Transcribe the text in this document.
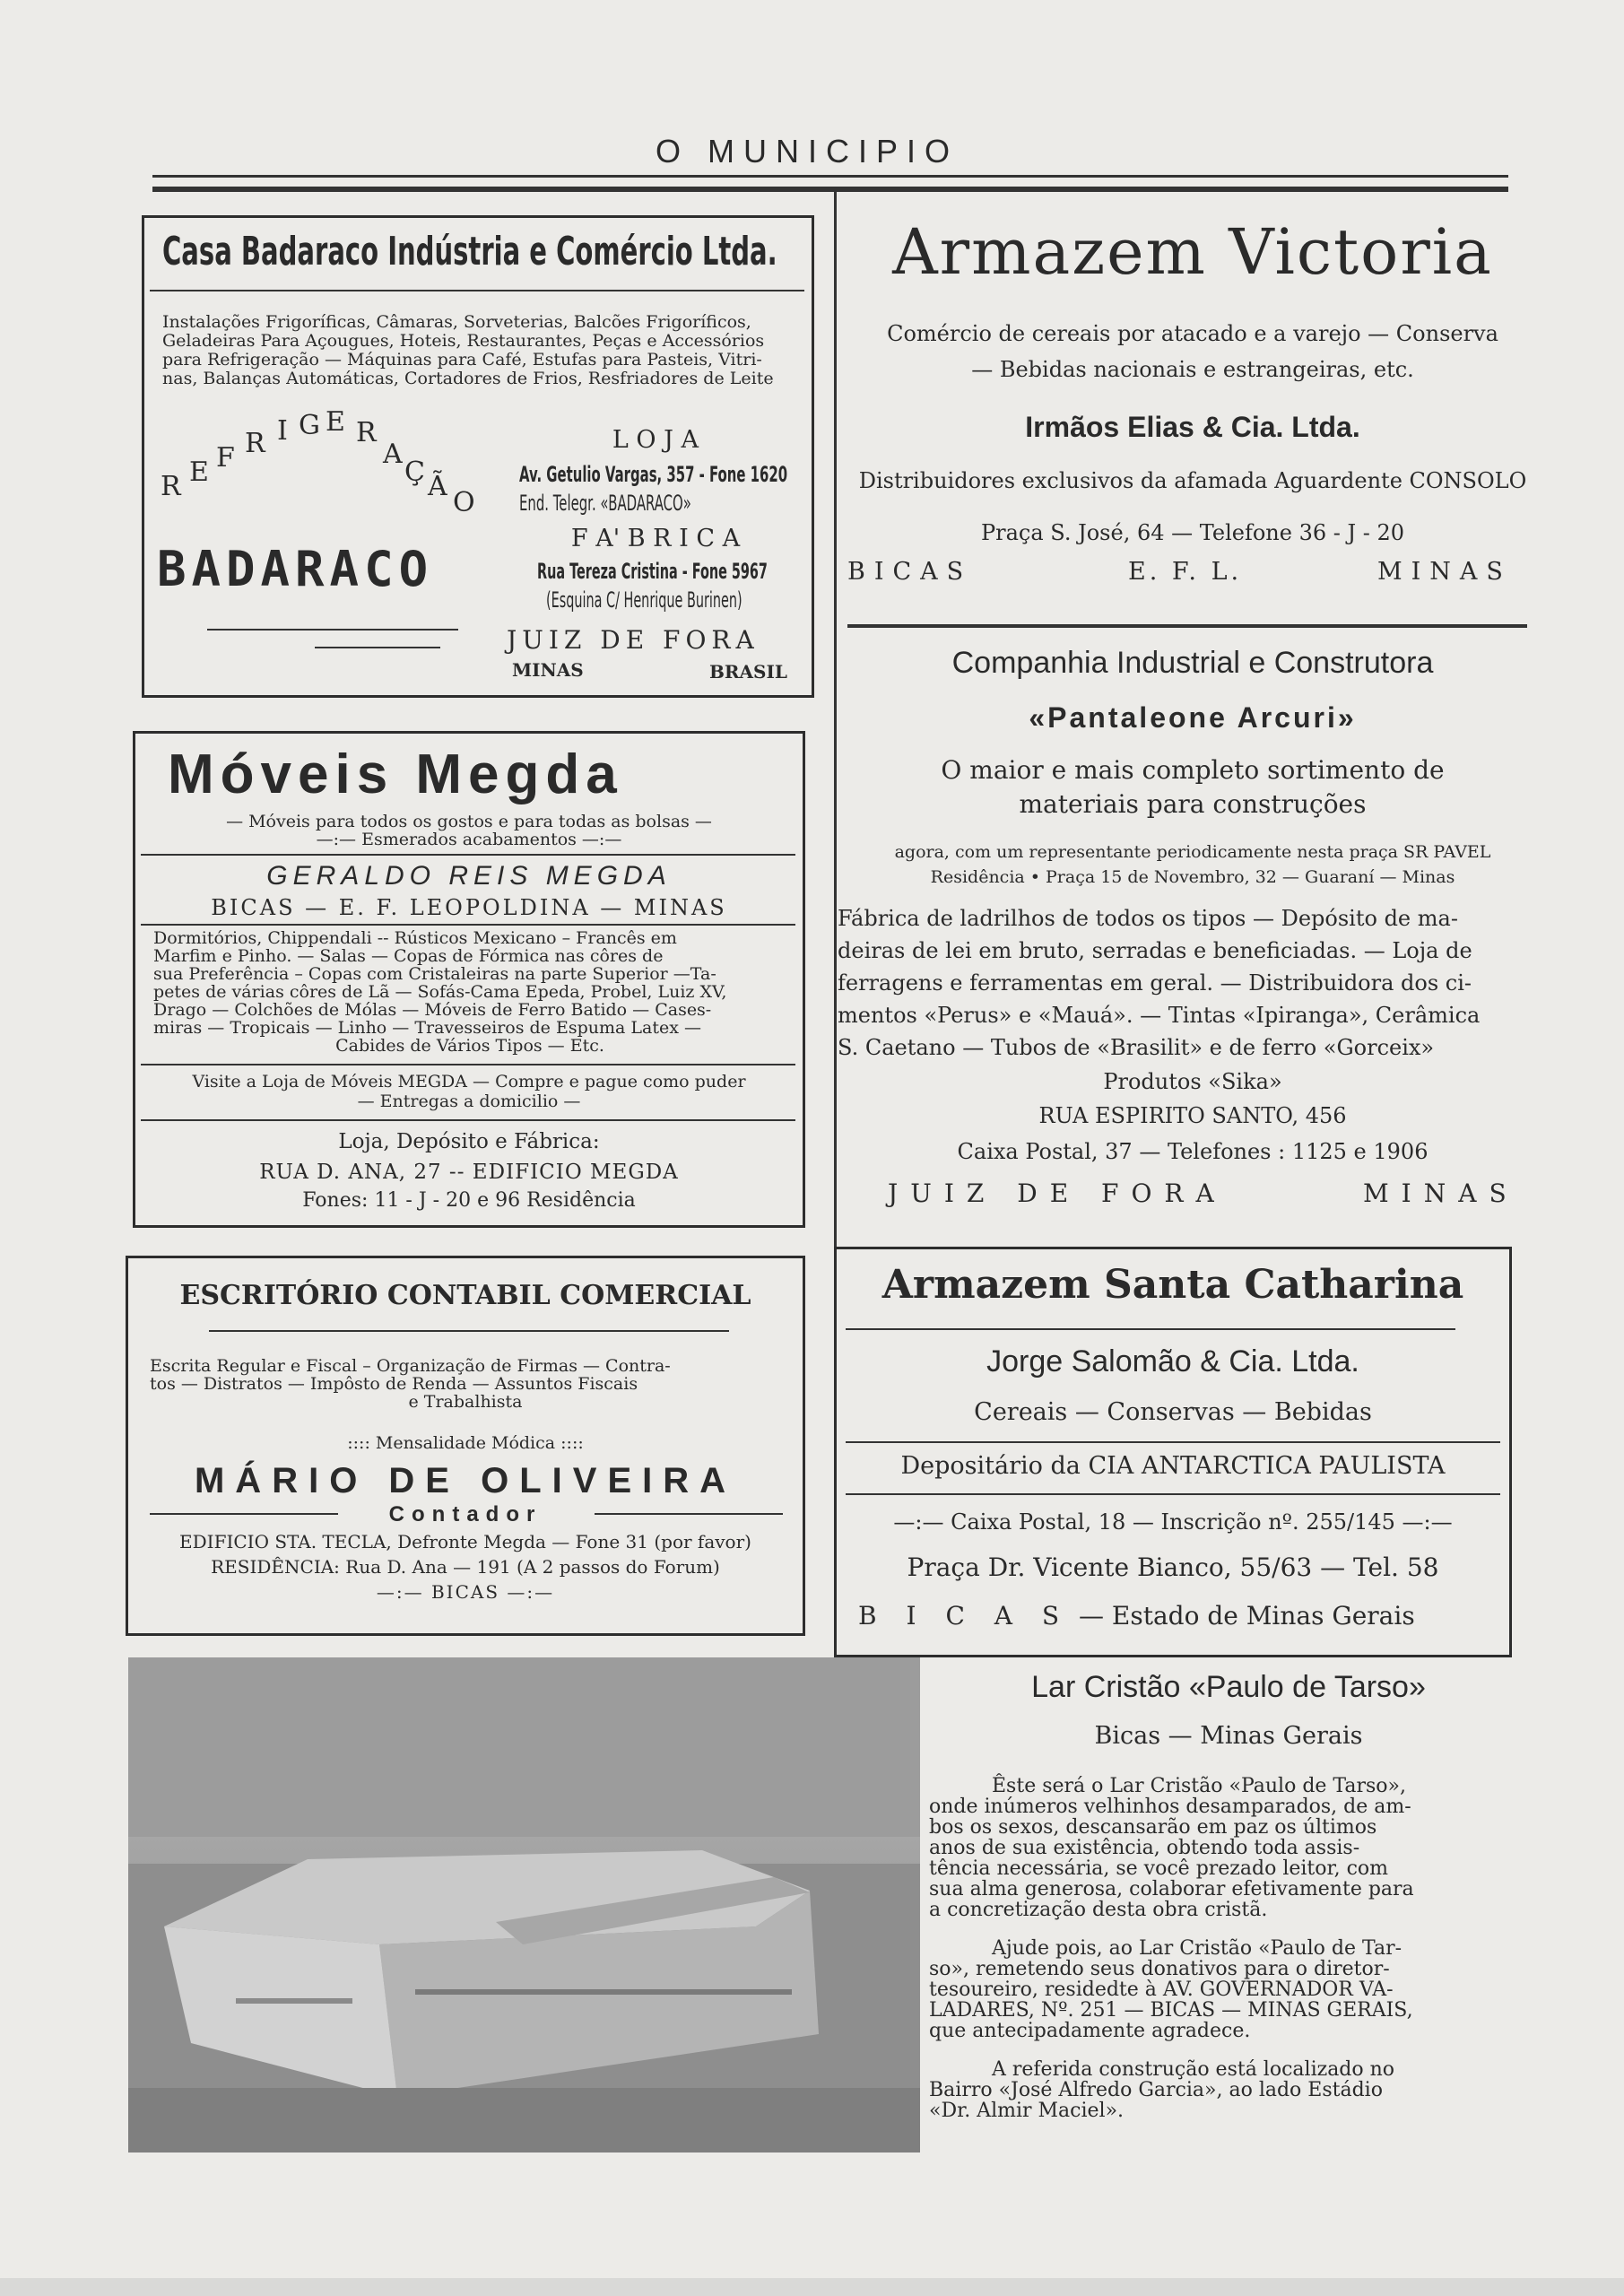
O MUNICIPIO
Casa Badaraco Indústria e Comércio Ltda.
Instalações Frigoríficas, Câmaras, Sorveterias, Balcões Frigoríficos,
Geladeiras Para Açougues, Hoteis, Restaurantes, Peças e Accessórios
para Refrigeração — Máquinas para Café, Estufas para Pasteis, Vitri-
nas, Balanças Automáticas, Cortadores de Frios, Resfriadores de Leite
R E F R I G E R
A
Ç Ã
O
BADARACO
L O J A
Av. Getulio Vargas, 357 - Fone 1620
End. Telegr. «BADARACO»
F A' B R I C A
Rua Tereza Cristina - Fone 5967
(Esquina C/ Henrique Burinen)
JUIZ DE FORA
MINAS	BRASIL
Móveis Megda
— Móveis para todos os gostos e para todas as bolsas —
—:— Esmerados acabamentos —:—
GERALDO REIS MEGDA
BICAS — E. F. LEOPOLDINA — MINAS
Dormitórios, Chippendali -- Rústicos Mexicano – Francês em
Marfim e Pinho. — Salas — Copas de Fórmica nas côres de
sua Preferência – Copas com Cristaleiras na parte Superior —Ta-
petes de várias côres de Lã — Sofás-Cama Epeda, Probel, Luiz XV,
Drago — Colchões de Mólas — Móveis de Ferro Batido — Cases-
miras — Tropicais — Linho — Travesseiros de Espuma Latex —
Cabides de Vários Tipos — Etc.
Visite a Loja de Móveis MEGDA — Compre e pague como puder
— Entregas a domicilio —
Loja, Depósito e Fábrica:
RUA D. ANA, 27 -- EDIFICIO MEGDA
Fones: 11 - J - 20 e 96 Residência
ESCRITÓRIO CONTABIL COMERCIAL
Escrita Regular e Fiscal – Organização de Firmas — Contra-
tos — Distratos — Impôsto de Renda — Assuntos Fiscais
e Trabalhista
:::: Mensalidade Módica ::::
MÁRIO DE OLIVEIRA
Contador
EDIFICIO STA. TECLA, Defronte Megda — Fone 31 (por favor)
RESIDÊNCIA: Rua D. Ana — 191 (A 2 passos do Forum)
—:— BICAS —:—
Armazem Victoria
Comércio de cereais por atacado e a varejo — Conserva
— Bebidas nacionais e estrangeiras, etc.
Irmãos Elias & Cia. Ltda.
Distribuidores exclusivos da afamada Aguardente CONSOLO
Praça S. José, 64 — Telefone 36 - J - 20
BICAS	E. F. L.	MINAS
Companhia Industrial e Construtora
«Pantaleone Arcuri»
O maior e mais completo sortimento de
materiais para construções
agora, com um representante periodicamente nesta praça SR PAVEL
Residência • Praça 15 de Novembro, 32 — Guaraní — Minas
Fábrica de ladrilhos de todos os tipos — Depósito de ma-
deiras de lei em bruto, serradas e beneficiadas. — Loja de
ferragens e ferramentas em geral. — Distribuidora dos ci-
mentos «Perus» e «Mauá». — Tintas «Ipiranga», Cerâmica
S. Caetano — Tubos de «Brasilit» e de ferro «Gorceix»
Produtos «Sika»
RUA ESPIRITO SANTO, 456
Caixa Postal, 37 — Telefones : 1125 e 1906
JUIZ DE FORA	MINAS
Armazem Santa Catharina
Jorge Salomão & Cia. Ltda.
Cereais — Conservas — Bebidas
Depositário da CIA ANTARCTICA PAULISTA
—:— Caixa Postal, 18 — Inscrição nº. 255/145 —:—
Praça Dr. Vicente Bianco, 55/63 — Tel. 58
B I C A S — Estado de Minas Gerais
Lar Cristão «Paulo de Tarso»
Bicas — Minas Gerais
Êste será o Lar Cristão «Paulo de Tarso»,
onde inúmeros velhinhos desamparados, de am-
bos os sexos, descansarão em paz os últimos
anos de sua existência, obtendo toda assis-
tência necessária, se você prezado leitor, com
sua alma generosa, colaborar efetivamente para
a concretização desta obra cristã.
Ajude pois, ao Lar Cristão «Paulo de Tar-
so», remetendo seus donativos para o diretor-
tesoureiro, residedte à AV. GOVERNADOR VA-
LADARES, Nº. 251 — BICAS — MINAS GERAIS,
que antecipadamente agradece.
A referida construção está localizado no
Bairro «José Alfredo Garcia», ao lado Estádio
«Dr. Almir Maciel».
